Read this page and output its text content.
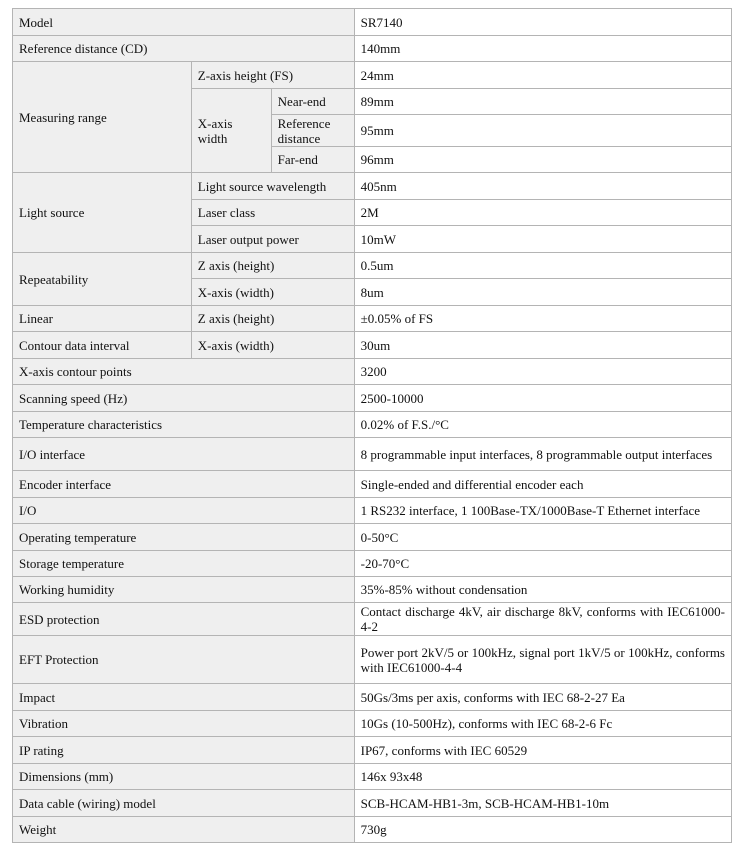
Model			SR7140
Reference distance (CD)			140mm
Measuring range	Z-axis height (FS)		24mm
	X-axis width	Near-end	89mm
		Reference distance	95mm
		Far-end	96mm
Light source	Light source wavelength		405nm
	Laser class		2M
	Laser output power		10mW
Repeatability	Z axis (height)		0.5um
	X-axis (width)		8um
Linear	Z axis (height)		±0.05% of FS
Contour data interval	X-axis (width)		30um
X-axis contour points			3200
Scanning speed (Hz)			2500-10000
Temperature characteristics			0.02% of F.S./°C
I/O interface			8 programmable input interfaces, 8 programmable output interfaces
Encoder interface			Single-ended and differential encoder each
I/O			1 RS232 interface, 1 100Base-TX/1000Base-T Ethernet interface
Operating temperature			0-50°C
Storage temperature			-20-70°C
Working humidity			35%-85% without condensation
ESD protection			Contact discharge 4kV, air discharge 8kV, conforms with IEC61000-4-2
EFT Protection			Power port 2kV/5 or 100kHz, signal port 1kV/5 or 100kHz, conforms with IEC61000-4-4
Impact			50Gs/3ms per axis, conforms with IEC 68-2-27 Ea
Vibration			10Gs (10-500Hz), conforms with IEC 68-2-6 Fc
IP rating			IP67, conforms with IEC 60529
Dimensions (mm)			146x 93x48
Data cable (wiring) model			SCB-HCAM-HB1-3m, SCB-HCAM-HB1-10m
Weight			730g
